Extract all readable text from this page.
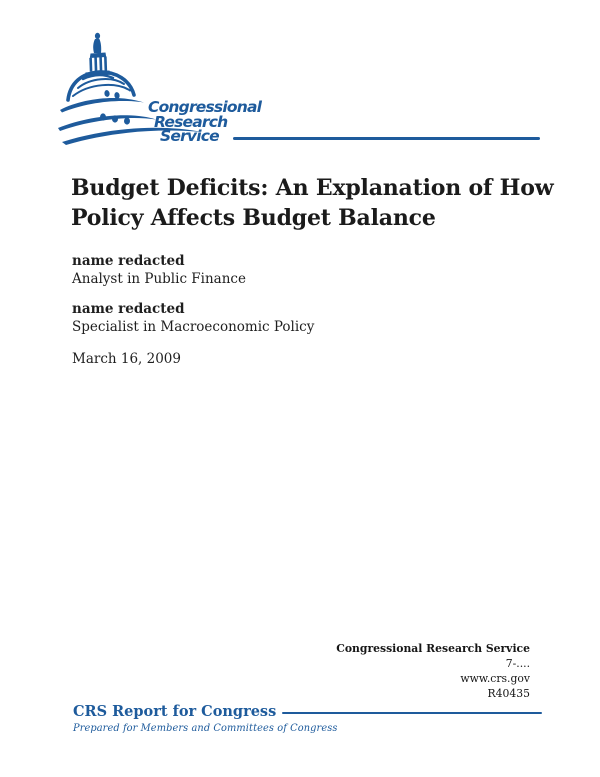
Congressional
Research
Service
Budget Deficits: An Explanation of How
Policy Affects Budget Balance
name redacted
Analyst in Public Finance
name redacted
Specialist in Macroeconomic Policy
March 16, 2009
Congressional Research Service
7-....
www.crs.gov
R40435
CRS Report for Congress
Prepared for Members and Committees of Congress
